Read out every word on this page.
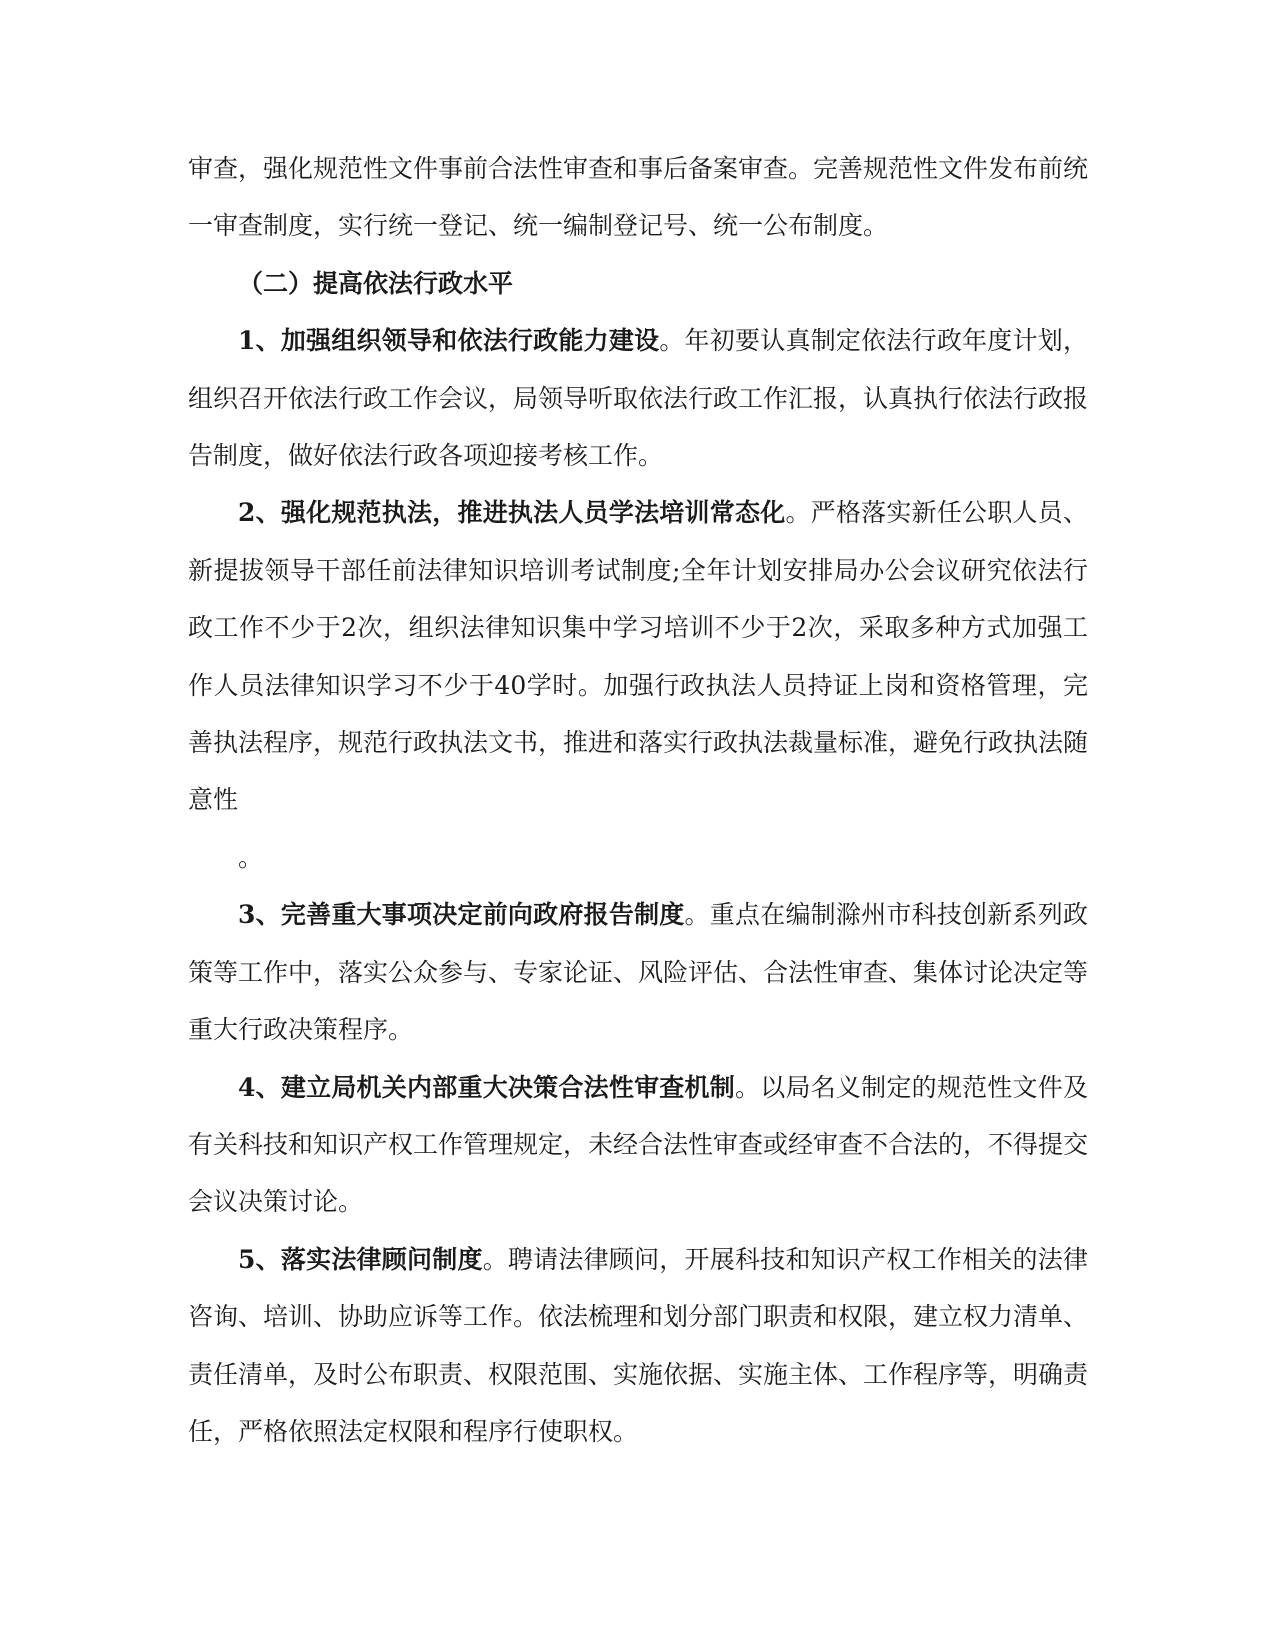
审查，强化规范性文件事前合法性审查和事后备案审查。完善规范性文件发布前统一审查制度，实行统一登记、统一编制登记号、统一公布制度。

（二）提高依法行政水平

1、加强组织领导和依法行政能力建设。年初要认真制定依法行政年度计划，组织召开依法行政工作会议，局领导听取依法行政工作汇报，认真执行依法行政报告制度，做好依法行政各项迎接考核工作。

2、强化规范执法，推进执法人员学法培训常态化。严格落实新任公职人员、新提拔领导干部任前法律知识培训考试制度;全年计划安排局办公会议研究依法行政工作不少于2次，组织法律知识集中学习培训不少于2次，采取多种方式加强工作人员法律知识学习不少于40学时。加强行政执法人员持证上岗和资格管理，完善执法程序，规范行政执法文书，推进和落实行政执法裁量标准，避免行政执法随意性
。

3、完善重大事项决定前向政府报告制度。重点在编制滁州市科技创新系列政策等工作中，落实公众参与、专家论证、风险评估、合法性审查、集体讨论决定等重大行政决策程序。

4、建立局机关内部重大决策合法性审查机制。以局名义制定的规范性文件及有关科技和知识产权工作管理规定，未经合法性审查或经审查不合法的，不得提交会议决策讨论。

5、落实法律顾问制度。聘请法律顾问，开展科技和知识产权工作相关的法律咨询、培训、协助应诉等工作。依法梳理和划分部门职责和权限，建立权力清单、责任清单，及时公布职责、权限范围、实施依据、实施主体、工作程序等，明确责任，严格依照法定权限和程序行使职权。
